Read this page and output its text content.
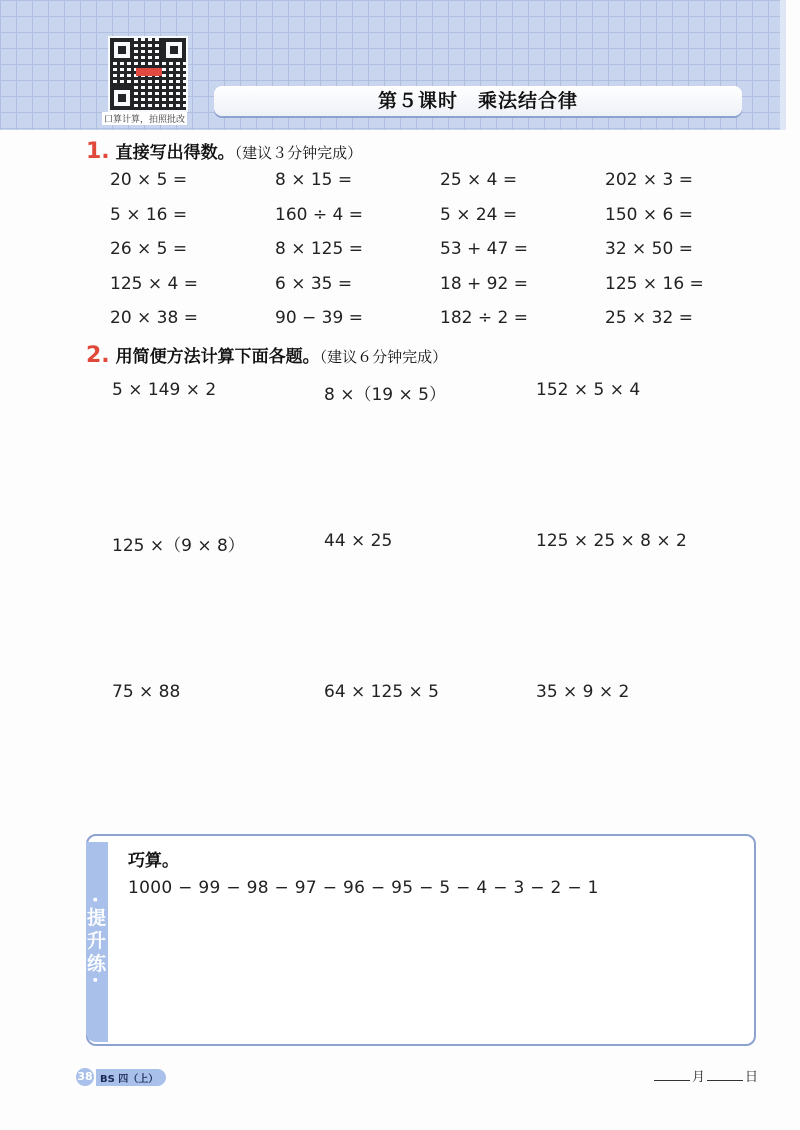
口算计算，拍照批改
第５课时　乘法结合律
1. 直接写出得数。（建议３分钟完成）
20 × 5 =	8 × 15 =	25 × 4 =	202 × 3 =
5 × 16 =	160 ÷ 4 =	5 × 24 =	150 × 6 =
26 × 5 =	8 × 125 =	53 + 47 =	32 × 50 =
125 × 4 =	6 × 35 =	18 + 92 =	125 × 16 =
20 × 38 =	90 − 39 =	182 ÷ 2 =	25 × 32 =
2. 用简便方法计算下面各题。（建议６分钟完成）
5 × 149 × 2	8 ×（19 × 5）	152 × 5 × 4
125 ×（9 × 8）	44 × 25	125 × 25 × 8 × 2
75 × 88	64 × 125 × 5	35 × 9 × 2
·提升练·
巧算。
1000 − 99 − 98 − 97 − 96 − 95 − 5 − 4 − 3 − 2 − 1
38 BS 四（上）	月	日
